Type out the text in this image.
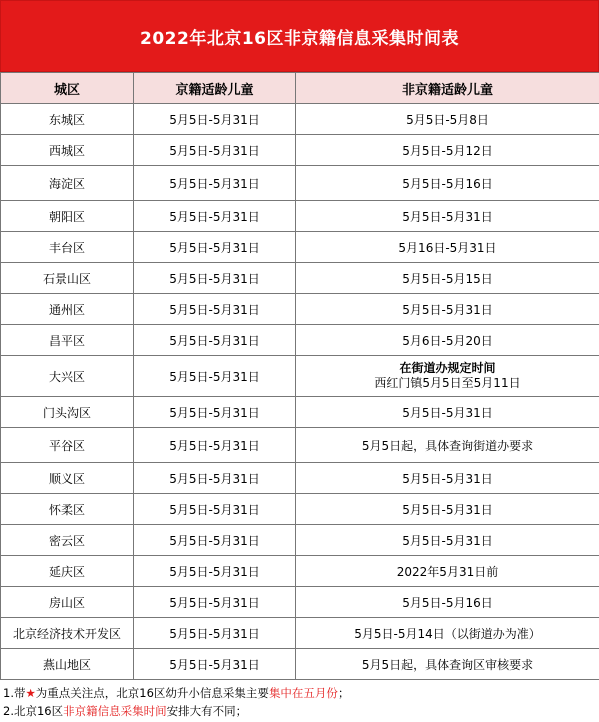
2022年北京16区非京籍信息采集时间表
城区	京籍适龄儿童	非京籍适龄儿童
东城区	5月5日-5月31日	5月5日-5月8日
西城区	5月5日-5月31日	5月5日-5月12日
海淀区	5月5日-5月31日	5月5日-5月16日
朝阳区	5月5日-5月31日	5月5日-5月31日
丰台区	5月5日-5月31日	5月16日-5月31日
石景山区	5月5日-5月31日	5月5日-5月15日
通州区	5月5日-5月31日	5月5日-5月31日
昌平区	5月5日-5月31日	5月6日-5月20日
大兴区	5月5日-5月31日	在街道办规定时间
西红门镇5月5日至5月11日

门头沟区	5月5日-5月31日	5月5日-5月31日
平谷区	5月5日-5月31日	5月5日起，具体查询街道办要求
顺义区	5月5日-5月31日	5月5日-5月31日
怀柔区	5月5日-5月31日	5月5日-5月31日
密云区	5月5日-5月31日	5月5日-5月31日
延庆区	5月5日-5月31日	2022年5月31日前
房山区	5月5日-5月31日	5月5日-5月16日
北京经济技术开发区	5月5日-5月31日	5月5日-5月14日（以街道办为准）
燕山地区	5月5日-5月31日	5月5日起，具体查询区审核要求
1.带★为重点关注点，北京16区幼升小信息采集主要集中在五月份；
2.北京16区非京籍信息采集时间安排大有不同；
